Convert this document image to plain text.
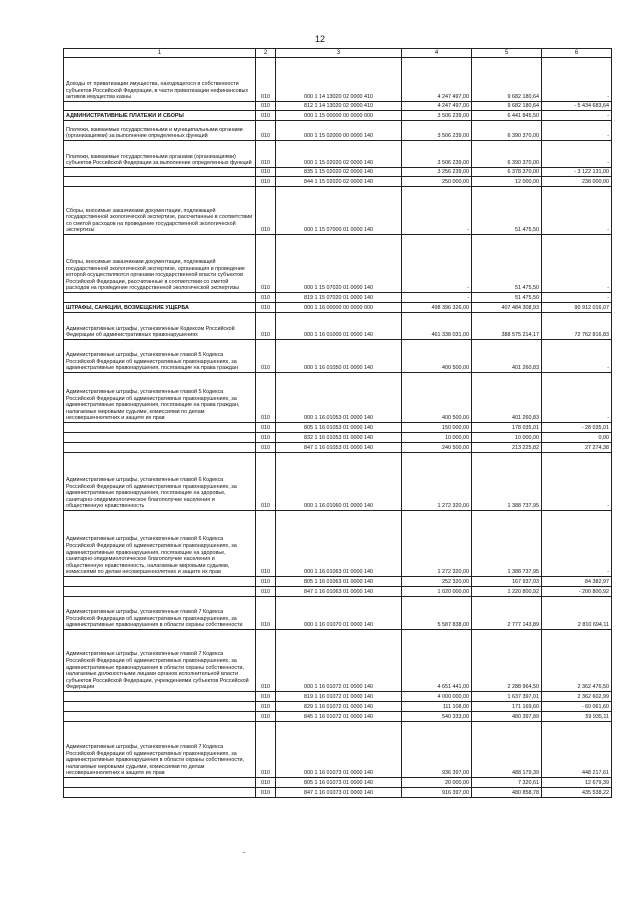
12
1	2	3	4	5	6
Доходы от приватизации имущества, находящегося в собственности субъектов Российской Федерации, в части приватизации нефинансовых активов имущества казны	010	000 1 14 13020 02 0000 410	4 247 497,00	9 682 180,64	-
	010	812 1 14 13020 02 0000 410	4 247 497,00	9 682 180,64	- 5 434 683,64
АДМИНИСТРАТИВНЫЕ ПЛАТЕЖИ И СБОРЫ	010	000 1 15 00000 00 0000 000	3 506 239,00	6 441 845,50	-
Платежи, взимаемые государственными и муниципальными органами (организациями) за выполнение определенных функций	010	000 1 15 02000 00 0000 140	3 506 239,00	6 390 370,00	-
Платежи, взимаемые государственными органами (организациями) субъектов Российской Федерации за выполнение определенных функций	010	000 1 15 02020 02 0000 140	3 506 239,00	6 390 370,00	-
	010	835 1 15 02020 02 0000 140	3 256 239,00	6 378 370,00	- 3 122 131,00
	010	844 1 15 02020 02 0000 140	250 000,00	12 000,00	238 000,00
Сборы, вносимые заказчиками документации, подлежащей государственной экологической экспертизе, рассчитанные в соответствии со сметой расходов на проведение государственной экологической экспертизы	010	000 1 15 07000 01 0000 140	-	51 475,50	-
Сборы, вносимые заказчиками документации, подлежащей государственной экологической экспертизе, организация и проведение которой осуществляются органами государственной власти субъектов Российской Федерации, рассчитанные в соответствии со сметой расходов на проведение государственной экологической экспертизы	010	000 1 15 07020 01 0000 140	-	51 475,50	-
	010	819 1 15 07020 01 0000 140	-	51 475,50	-
ШТРАФЫ, САНКЦИИ, ВОЗМЕЩЕНИЕ УЩЕРБА	010	000 1 16 00000 00 0000 000	498 396 326,00	407 484 308,93	90 912 016,07
Административные штрафы, установленные Кодексом Российской Федерации об административных правонарушениях	010	000 1 16 01000 01 0000 140	461 338 031,00	388 575 214,17	72 762 816,83
Административные штрафы, установленные главой 5 Кодекса Российской Федерации об административных правонарушениях, за административные правонарушения, посягающие на права граждан	010	000 1 16 01050 01 0000 140	400 500,00	401 260,83	-
Административные штрафы, установленные главой 5 Кодекса Российской Федерации об административных правонарушениях, за административные правонарушения, посягающие на права граждан, налагаемые мировыми судьями, комиссиями по делам несовершеннолетних и защите их прав	010	000 1 16 01053 01 0000 140	400 500,00	401 260,83	-
	010	805 1 16 01053 01 0000 140	150 000,00	178 035,01	- 28 035,01
	010	832 1 16 01053 01 0000 140	10 000,00	10 000,00	0,00
	010	847 1 16 01053 01 0000 140	240 500,00	213 225,82	27 274,38
Административные штрафы, установленные главой 6 Кодекса Российской Федерации об административных правонарушениях, за административные правонарушения, посягающие на здоровье, санитарно-эпидемиологическое благополучие населения и общественную нравственность	010	000 1 16 01060 01 0000 140	1 272 320,00	1 388 737,95	-
Административные штрафы, установленные главой 6 Кодекса Российской Федерации об административных правонарушениях, за административные правонарушения, посягающие на здоровье, санитарно-эпидемиологическое благополучие населения и общественную нравственность, налагаемые мировыми судьями, комиссиями по делам несовершеннолетних и защите их прав	010	000 1 16 01063 01 0000 140	1 272 320,00	1 388 737,95	-
	010	805 1 16 01063 01 0000 140	252 320,00	167 937,03	84 382,97
	010	847 1 16 01063 01 0000 140	1 020 000,00	1 220 800,92	- 200 800,92
Административные штрафы, установленные главой 7 Кодекса Российской Федерации об административных правонарушениях, за административные правонарушения в области охраны собственности	010	000 1 16 01070 01 0000 140	5 587 838,00	2 777 143,89	2 810 694,11
Административные штрафы, установленные главой 7 Кодекса Российской Федерации об административных правонарушениях, за административные правонарушения в области охраны собственности, налагаемые должностными лицами органов исполнительной власти субъектов Российской Федерации, учреждениями субъектов Российской Федерации	010	000 1 16 01072 01 0000 140	4 651 441,00	2 288 964,50	2 362 476,50
	010	819 1 16 01072 01 0000 140	4 000 000,00	1 637 397,01	2 362 602,99
	010	829 1 16 01072 01 0000 140	111 108,00	171 169,60	- 60 061,60
	010	845 1 16 01072 01 0000 140	540 333,00	480 397,89	59 935,11
Административные штрафы, установленные главой 7 Кодекса Российской Федерации об административных правонарушениях, за административные правонарушения в области охраны собственности, налагаемые мировыми судьями, комиссиями по делам несовершеннолетних и защите их прав	010	000 1 16 01073 01 0000 140	936 397,00	488 179,39	448 217,61
	010	805 1 16 01073 01 0000 140	20 000,00	7 320,61	12 679,39
	010	847 1 16 01073 01 0000 140	916 397,00	480 858,78	435 538,22
